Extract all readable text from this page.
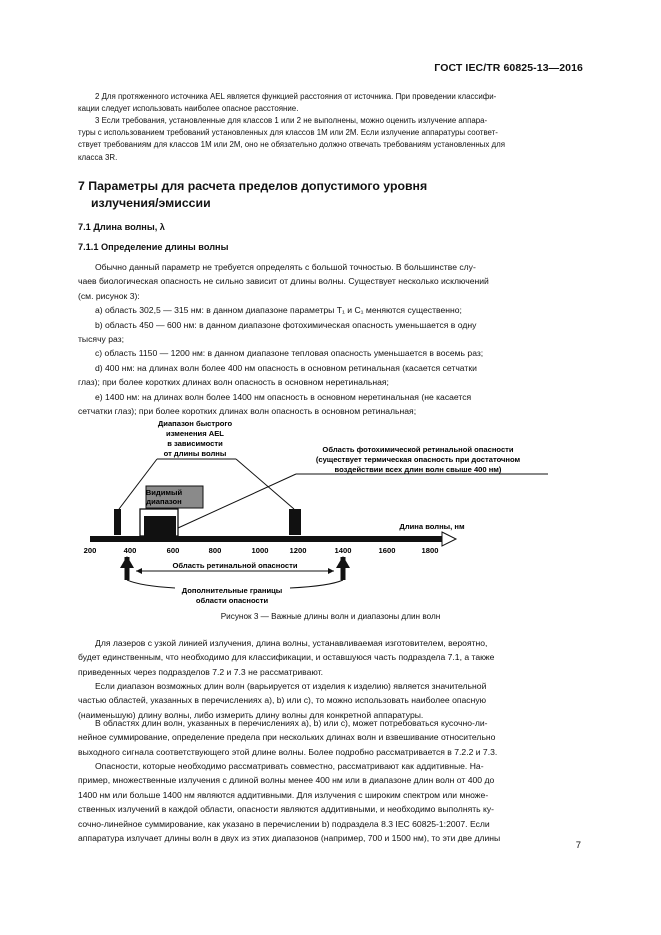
ГОСТ IEC/TR 60825-13—2016
2 Для протяженного источника AEL является функцией расстояния от источника. При проведении классифи-
кации следует использовать наиболее опасное расстояние.
3 Если требования, установленные для классов 1 или 2 не выполнены, можно оценить излучение аппара-
туры с использованием требований установленных для классов 1М или 2М. Если излучение аппаратуры соответ-
ствует требованиям для классов 1М или 2М, оно не обязательно должно отвечать требованиям установленных для
класса 3R.
7 Параметры для расчета пределов допустимого уровня
излучения/эмиссии
7.1 Длина волны, λ
7.1.1 Определение длины волны
Обычно данный параметр не требуется определять с большой точностью. В большинстве слу-
чаев биологическая опасность не сильно зависит от длины волны. Существует несколько исключений
(см. рисунок 3):
а) область 302,5 — 315 нм: в данном диапазоне параметры T₁ и C₁ меняются существенно;
b) область 450 — 600 нм: в данном диапазоне фотохимическая опасность уменьшается в одну
тысячу раз;
с) область 1150 — 1200 нм: в данном диапазоне тепловая опасность уменьшается в восемь раз;
d) 400 нм: на длинах волн более 400 нм опасность в основном ретинальная (касается сетчатки
глаз); при более коротких длинах волн опасность в основном неретинальная;
е) 1400 нм: на длинах волн более 1400 нм опасность в основном неретинальная (не касается
сетчатки глаз); при более коротких длинах волн опасность в основном ретинальная;
Диапазон быстрого
изменения AEL
в зависимости
от длины волны	Область фотохимической ретинальной опасности
(существует термическая опасность при достаточном
воздействии всех длин волн свыше 400 нм)
Видимый
диапазон
Длина волны, нм
200	400	600	800	1000	1200	1400	1600	1800
Область ретинальной опасности
Дополнительные границы
области опасности
Рисунок 3 — Важные длины волн и диапазоны длин волн
Для лазеров с узкой линией излучения, длина волны, устанавливаемая изготовителем, вероятно,
будет единственным, что необходимо для классификации, и оставшуюся часть подраздела 7.1, а также
приведенных через подразделов 7.2 и 7.3 не рассматривают.
Если диапазон возможных длин волн (варьируется от изделия к изделию) является значительной
частью областей, указанных в перечислениях а), b) или с), то можно использовать наиболее опасную
(наименьшую) длину волны, либо измерить длину волны для конкретной аппаратуры.
В областях длин волн, указанных в перечислениях а), b) или с), может потребоваться кусочно-ли-
нейное суммирование, определение предела при нескольких длинах волн и взвешивание относительно
выходного сигнала соответствующего этой длине волны. Более подробно рассматривается в 7.2.2 и 7.3.
Опасности, которые необходимо рассматривать совместно, рассматривают как аддитивные. На-
пример, множественные излучения с длиной волны менее 400 нм или в диапазоне длин волн от 400 до
1400 нм или больше 1400 нм являются аддитивными. Для излучения с широким спектром или множе-
ственных излучений в каждой области, опасности являются аддитивными, и необходимо выполнять ку-
сочно-линейное суммирование, как указано в перечислении b) подраздела 8.3 IEC 60825-1:2007. Если
аппаратура излучает длины волн в двух из этих диапазонов (например, 700 и 1500 нм), то эти две длины
7
